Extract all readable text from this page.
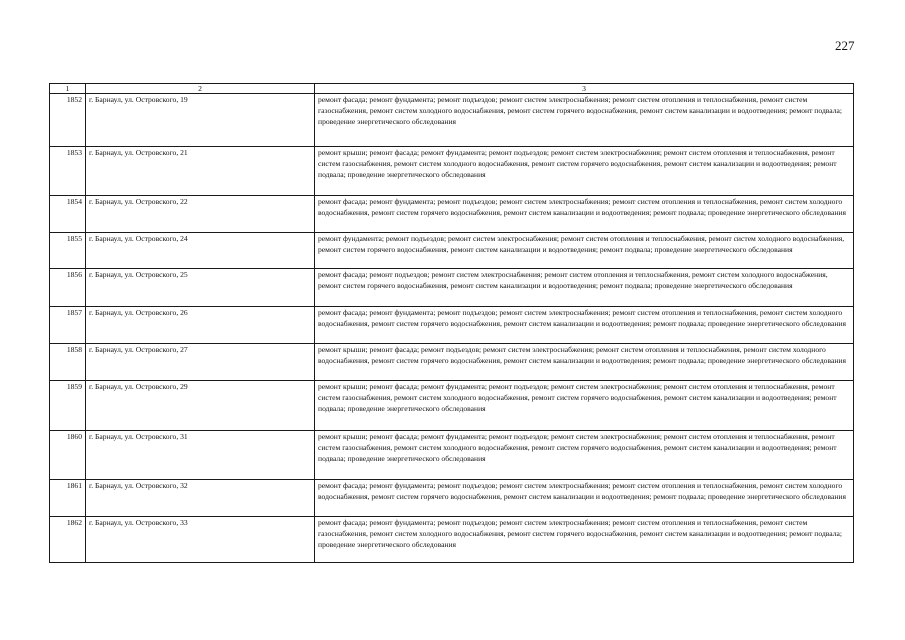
227
1	2	3
1852	г. Барнаул, ул. Островского, 19	ремонт фасада; ремонт фундамента; ремонт подъездов; ремонт систем электроснабжения; ремонт систем отопления и теплоснабжения, ремонт систем газоснабжения, ремонт систем холодного водоснабжения, ремонт систем горячего водоснабжения, ремонт систем канализации и водоотведения; ремонт подвала; проведение энергетического обследования
1853	г. Барнаул, ул. Островского, 21	ремонт крыши; ремонт фасада; ремонт фундамента; ремонт подъездов; ремонт систем электроснабжения; ремонт систем отопления и теплоснабжения, ремонт систем газоснабжения, ремонт систем холодного водоснабжения, ремонт систем горячего водоснабжения, ремонт систем канализации и водоотведения; ремонт подвала; проведение энергетического обследования
1854	г. Барнаул, ул. Островского, 22	ремонт фасада; ремонт фундамента; ремонт подъездов; ремонт систем электроснабжения; ремонт систем отопления и теплоснабжения, ремонт систем холодного водоснабжения, ремонт систем горячего водоснабжения, ремонт систем канализации и водоотведения; ремонт подвала; проведение энергетического обследования
1855	г. Барнаул, ул. Островского, 24	ремонт фундамента; ремонт подъездов; ремонт систем электроснабжения; ремонт систем отопления и теплоснабжения, ремонт систем холодного водоснабжения, ремонт систем горячего водоснабжения, ремонт систем канализации и водоотведения; ремонт подвала; проведение энергетического обследования
1856	г. Барнаул, ул. Островского, 25	ремонт фасада; ремонт подъездов; ремонт систем электроснабжения; ремонт систем отопления и теплоснабжения, ремонт систем холодного водоснабжения, ремонт систем горячего водоснабжения, ремонт систем канализации и водоотведения; ремонт подвала; проведение энергетического обследования
1857	г. Барнаул, ул. Островского, 26	ремонт фасада; ремонт фундамента; ремонт подъездов; ремонт систем электроснабжения; ремонт систем отопления и теплоснабжения, ремонт систем холодного водоснабжения, ремонт систем горячего водоснабжения, ремонт систем канализации и водоотведения; ремонт подвала; проведение энергетического обследования
1858	г. Барнаул, ул. Островского, 27	ремонт крыши; ремонт фасада; ремонт подъездов; ремонт систем электроснабжения; ремонт систем отопления и теплоснабжения, ремонт систем холодного водоснабжения, ремонт систем горячего водоснабжения, ремонт систем канализации и водоотведения; ремонт подвала; проведение энергетического обследования
1859	г. Барнаул, ул. Островского, 29	ремонт крыши; ремонт фасада; ремонт фундамента; ремонт подъездов; ремонт систем электроснабжения; ремонт систем отопления и теплоснабжения, ремонт систем газоснабжения, ремонт систем холодного водоснабжения, ремонт систем горячего водоснабжения, ремонт систем канализации и водоотведения; ремонт подвала; проведение энергетического обследования
1860	г. Барнаул, ул. Островского, 31	ремонт крыши; ремонт фасада; ремонт фундамента; ремонт подъездов; ремонт систем электроснабжения; ремонт систем отопления и теплоснабжения, ремонт систем газоснабжения, ремонт систем холодного водоснабжения, ремонт систем горячего водоснабжения, ремонт систем канализации и водоотведения; ремонт подвала; проведение энергетического обследования
1861	г. Барнаул, ул. Островского, 32	ремонт фасада; ремонт фундамента; ремонт подъездов; ремонт систем электроснабжения; ремонт систем отопления и теплоснабжения, ремонт систем холодного водоснабжения, ремонт систем горячего водоснабжения, ремонт систем канализации и водоотведения; ремонт подвала; проведение энергетического обследования
1862	г. Барнаул, ул. Островского, 33	ремонт фасада; ремонт фундамента; ремонт подъездов; ремонт систем электроснабжения; ремонт систем отопления и теплоснабжения, ремонт систем газоснабжения, ремонт систем холодного водоснабжения, ремонт систем горячего водоснабжения, ремонт систем канализации и водоотведения; ремонт подвала; проведение энергетического обследования
